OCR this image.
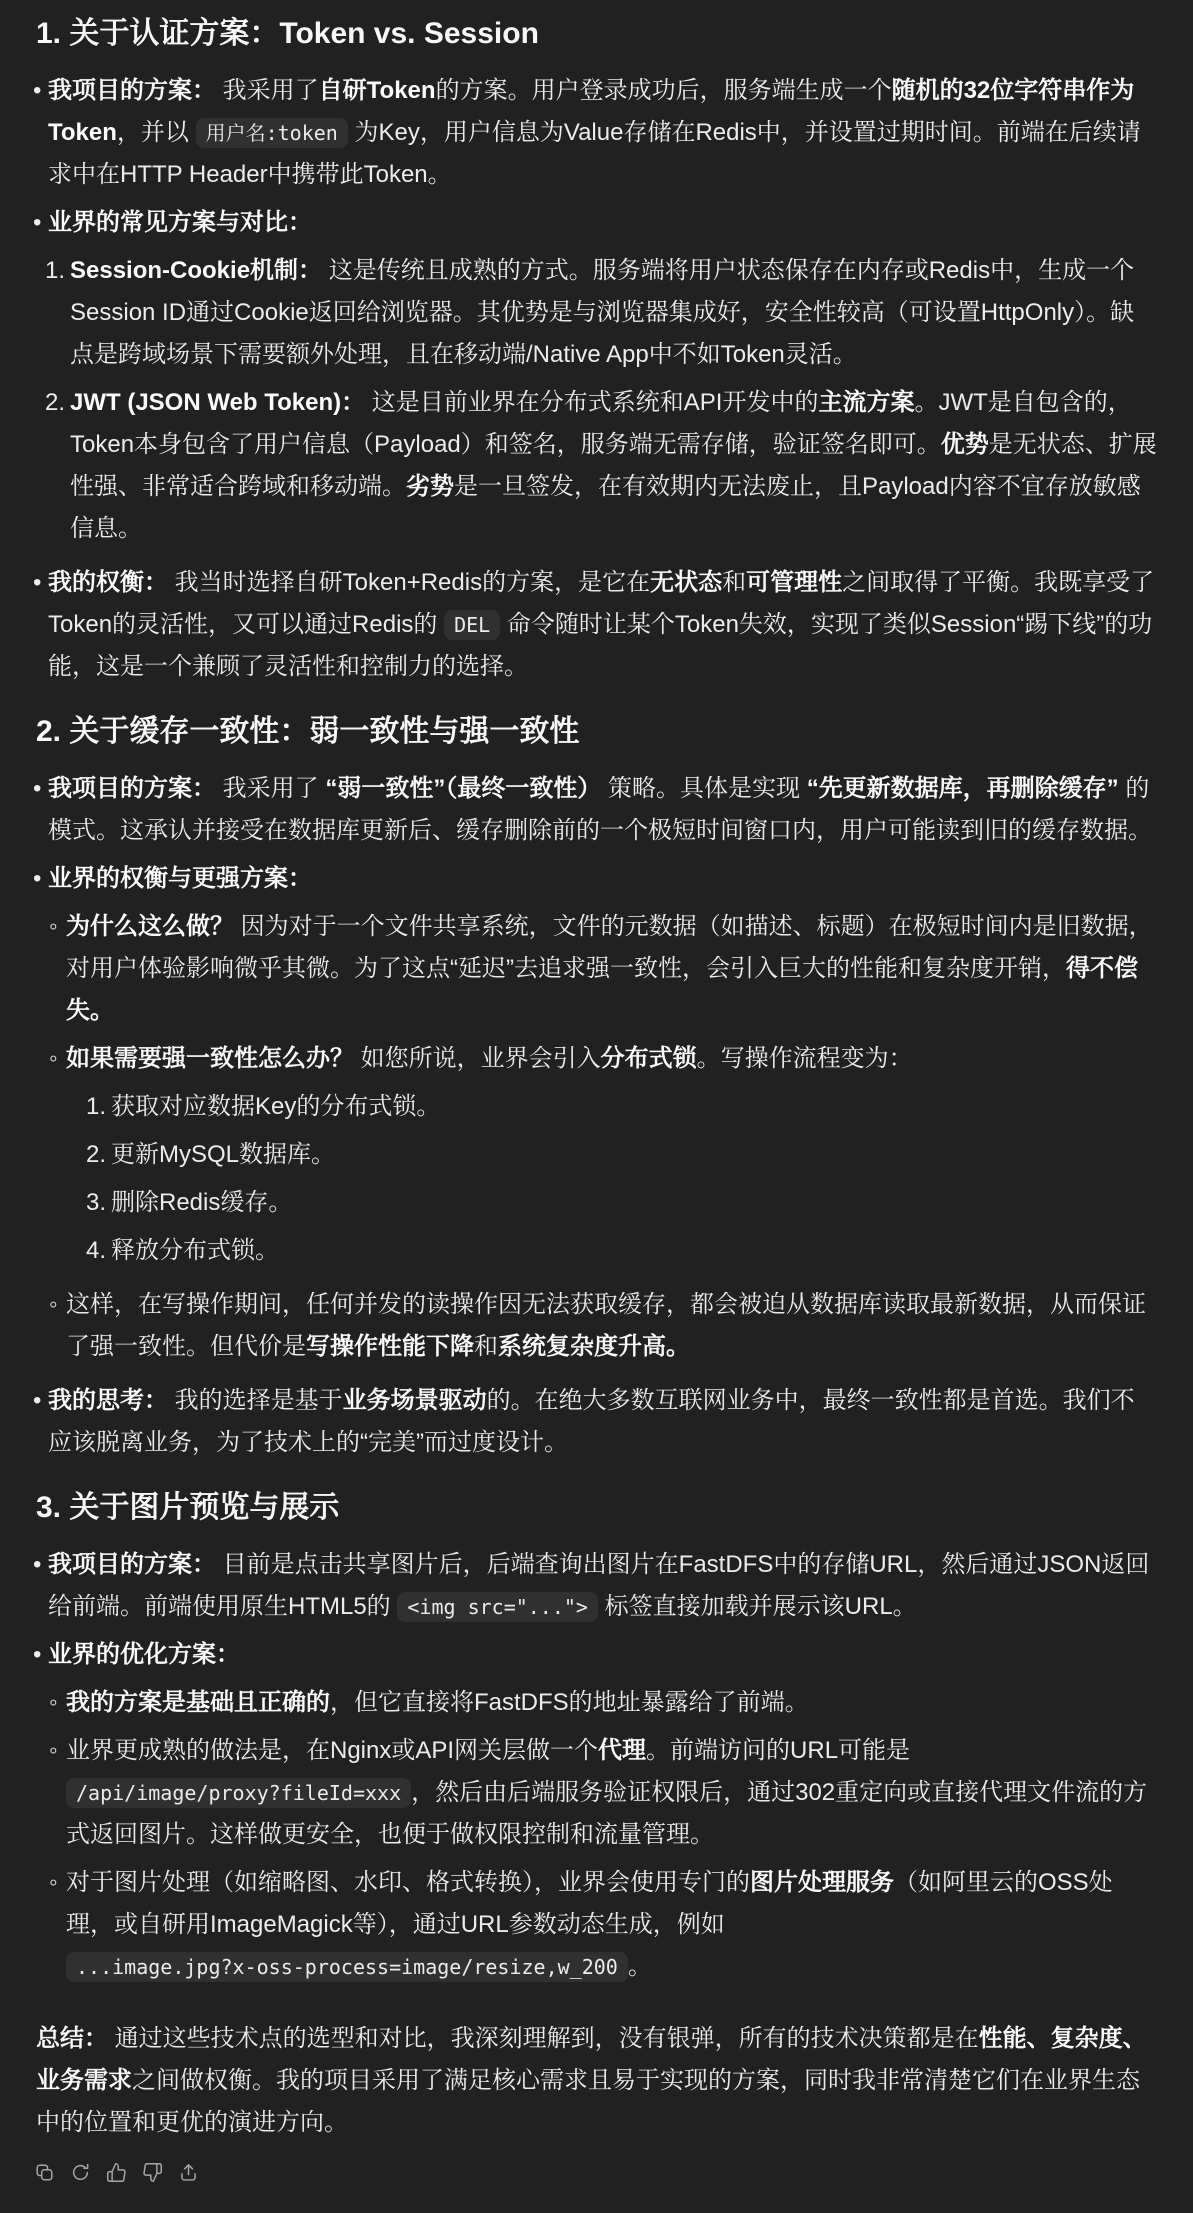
1. 关于认证方案：Token vs. Session
• 我项目的方案： 我采用了自研Token的方案。用户登录成功后，服务端生成一个随机的32位字符串作为Token，并以 用户名:token 为Key，用户信息为Value存储在Redis中，并设置过期时间。前端在后续请求中在HTTP Header中携带此Token。
• 业界的常见方案与对比：
1. Session-Cookie机制： 这是传统且成熟的方式。服务端将用户状态保存在内存或Redis中，生成一个Session ID通过Cookie返回给浏览器。其优势是与浏览器集成好，安全性较高（可设置HttpOnly）。缺点是跨域场景下需要额外处理，且在移动端/Native App中不如Token灵活。
2. JWT (JSON Web Token)： 这是目前业界在分布式系统和API开发中的主流方案。JWT是自包含的，Token本身包含了用户信息（Payload）和签名，服务端无需存储，验证签名即可。优势是无状态、扩展性强、非常适合跨域和移动端。劣势是一旦签发，在有效期内无法废止，且Payload内容不宜存放敏感信息。
• 我的权衡： 我当时选择自研Token+Redis的方案，是它在无状态和可管理性之间取得了平衡。我既享受了Token的灵活性，又可以通过Redis的 DEL 命令随时让某个Token失效，实现了类似Session“踢下线”的功能，这是一个兼顾了灵活性和控制力的选择。
2. 关于缓存一致性：弱一致性与强一致性
• 我项目的方案： 我采用了 “弱一致性”（最终一致性） 策略。具体是实现 “先更新数据库，再删除缓存” 的模式。这承认并接受在数据库更新后、缓存删除前的一个极短时间窗口内，用户可能读到旧的缓存数据。
• 业界的权衡与更强方案：
◦ 为什么这么做？ 因为对于一个文件共享系统，文件的元数据（如描述、标题）在极短时间内是旧数据，对用户体验影响微乎其微。为了这点“延迟”去追求强一致性，会引入巨大的性能和复杂度开销，得不偿失。
◦ 如果需要强一致性怎么办？ 如您所说，业界会引入分布式锁。写操作流程变为：
1. 获取对应数据Key的分布式锁。
2. 更新MySQL数据库。
3. 删除Redis缓存。
4. 释放分布式锁。
◦ 这样，在写操作期间，任何并发的读操作因无法获取缓存，都会被迫从数据库读取最新数据，从而保证了强一致性。但代价是写操作性能下降和系统复杂度升高。
• 我的思考： 我的选择是基于业务场景驱动的。在绝大多数互联网业务中，最终一致性都是首选。我们不应该脱离业务，为了技术上的“完美”而过度设计。
3. 关于图片预览与展示
• 我项目的方案： 目前是点击共享图片后，后端查询出图片在FastDFS中的存储URL，然后通过JSON返回给前端。前端使用原生HTML5的 <img src="..."> 标签直接加载并展示该URL。
• 业界的优化方案：
◦ 我的方案是基础且正确的，但它直接将FastDFS的地址暴露给了前端。
◦ 业界更成熟的做法是，在Nginx或API网关层做一个代理。前端访问的URL可能是 /api/image/proxy?fileId=xxx ，然后由后端服务验证权限后，通过302重定向或直接代理文件流的方式返回图片。这样做更安全，也便于做权限控制和流量管理。
◦ 对于图片处理（如缩略图、水印、格式转换），业界会使用专门的图片处理服务（如阿里云的OSS处理，或自研用ImageMagick等），通过URL参数动态生成，例如 ...image.jpg?x-oss-process=image/resize,w_200 。
总结： 通过这些技术点的选型和对比，我深刻理解到，没有银弹，所有的技术决策都是在性能、复杂度、业务需求之间做权衡。我的项目采用了满足核心需求且易于实现的方案，同时我非常清楚它们在业界生态中的位置和更优的演进方向。
